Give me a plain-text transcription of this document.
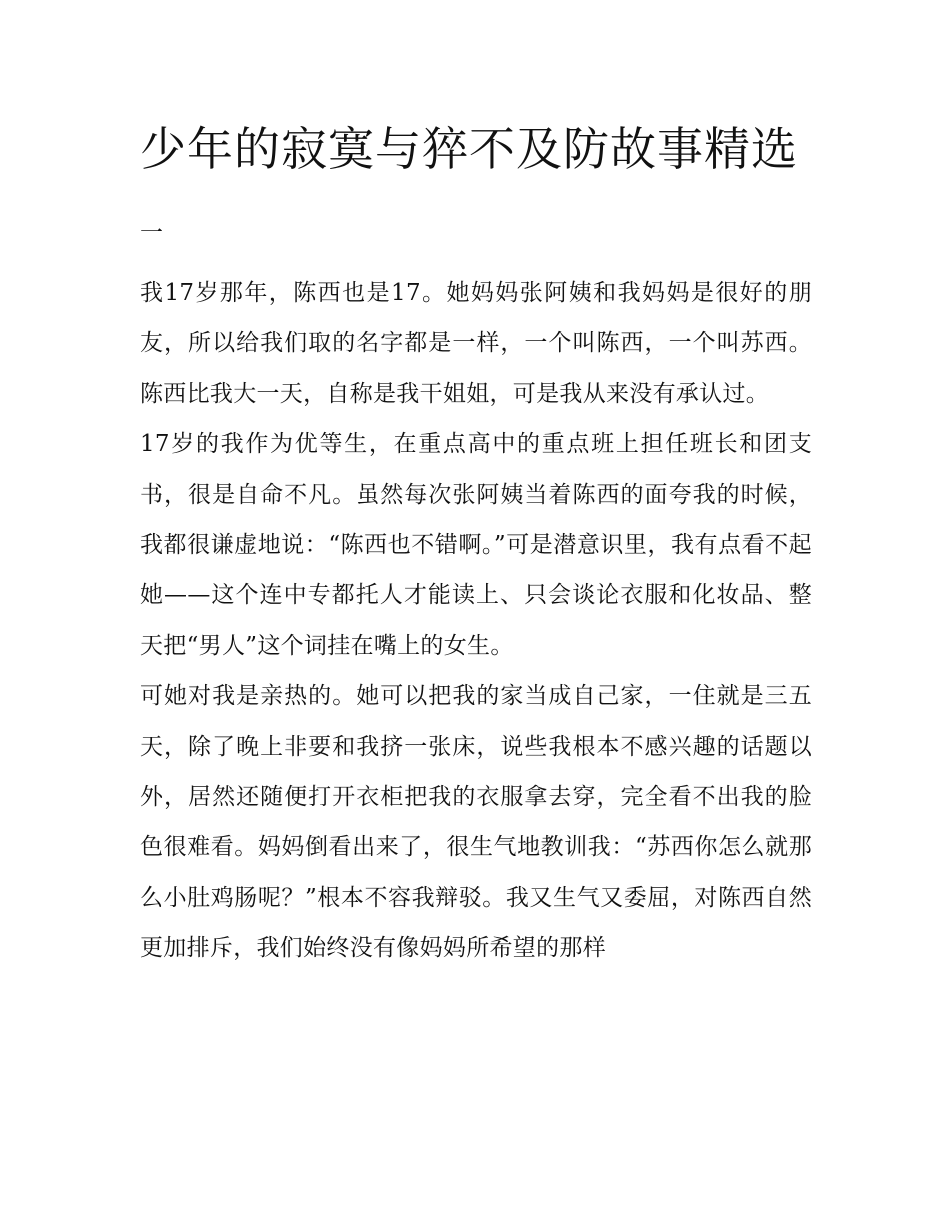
少年的寂寞与猝不及防故事精选

一

我17岁那年，陈西也是17。她妈妈张阿姨和我妈妈是很好的朋友，所以给我们取的名字都是一样，一个叫陈西，一个叫苏西。陈西比我大一天，自称是我干姐姐，可是我从来没有承认过。

17岁的我作为优等生，在重点高中的重点班上担任班长和团支书，很是自命不凡。虽然每次张阿姨当着陈西的面夸我的时候，我都很谦虚地说：“陈西也不错啊。”可是潜意识里，我有点看不起她——这个连中专都托人才能读上、只会谈论衣服和化妆品、整天把“男人”这个词挂在嘴上的女生。

可她对我是亲热的。她可以把我的家当成自己家，一住就是三五天，除了晚上非要和我挤一张床，说些我根本不感兴趣的话题以外，居然还随便打开衣柜把我的衣服拿去穿，完全看不出我的脸色很难看。妈妈倒看出来了，很生气地教训我：“苏西你怎么就那么小肚鸡肠呢？”根本不容我辩驳。我又生气又委屈，对陈西自然更加排斥，我们始终没有像妈妈所希望的那样
